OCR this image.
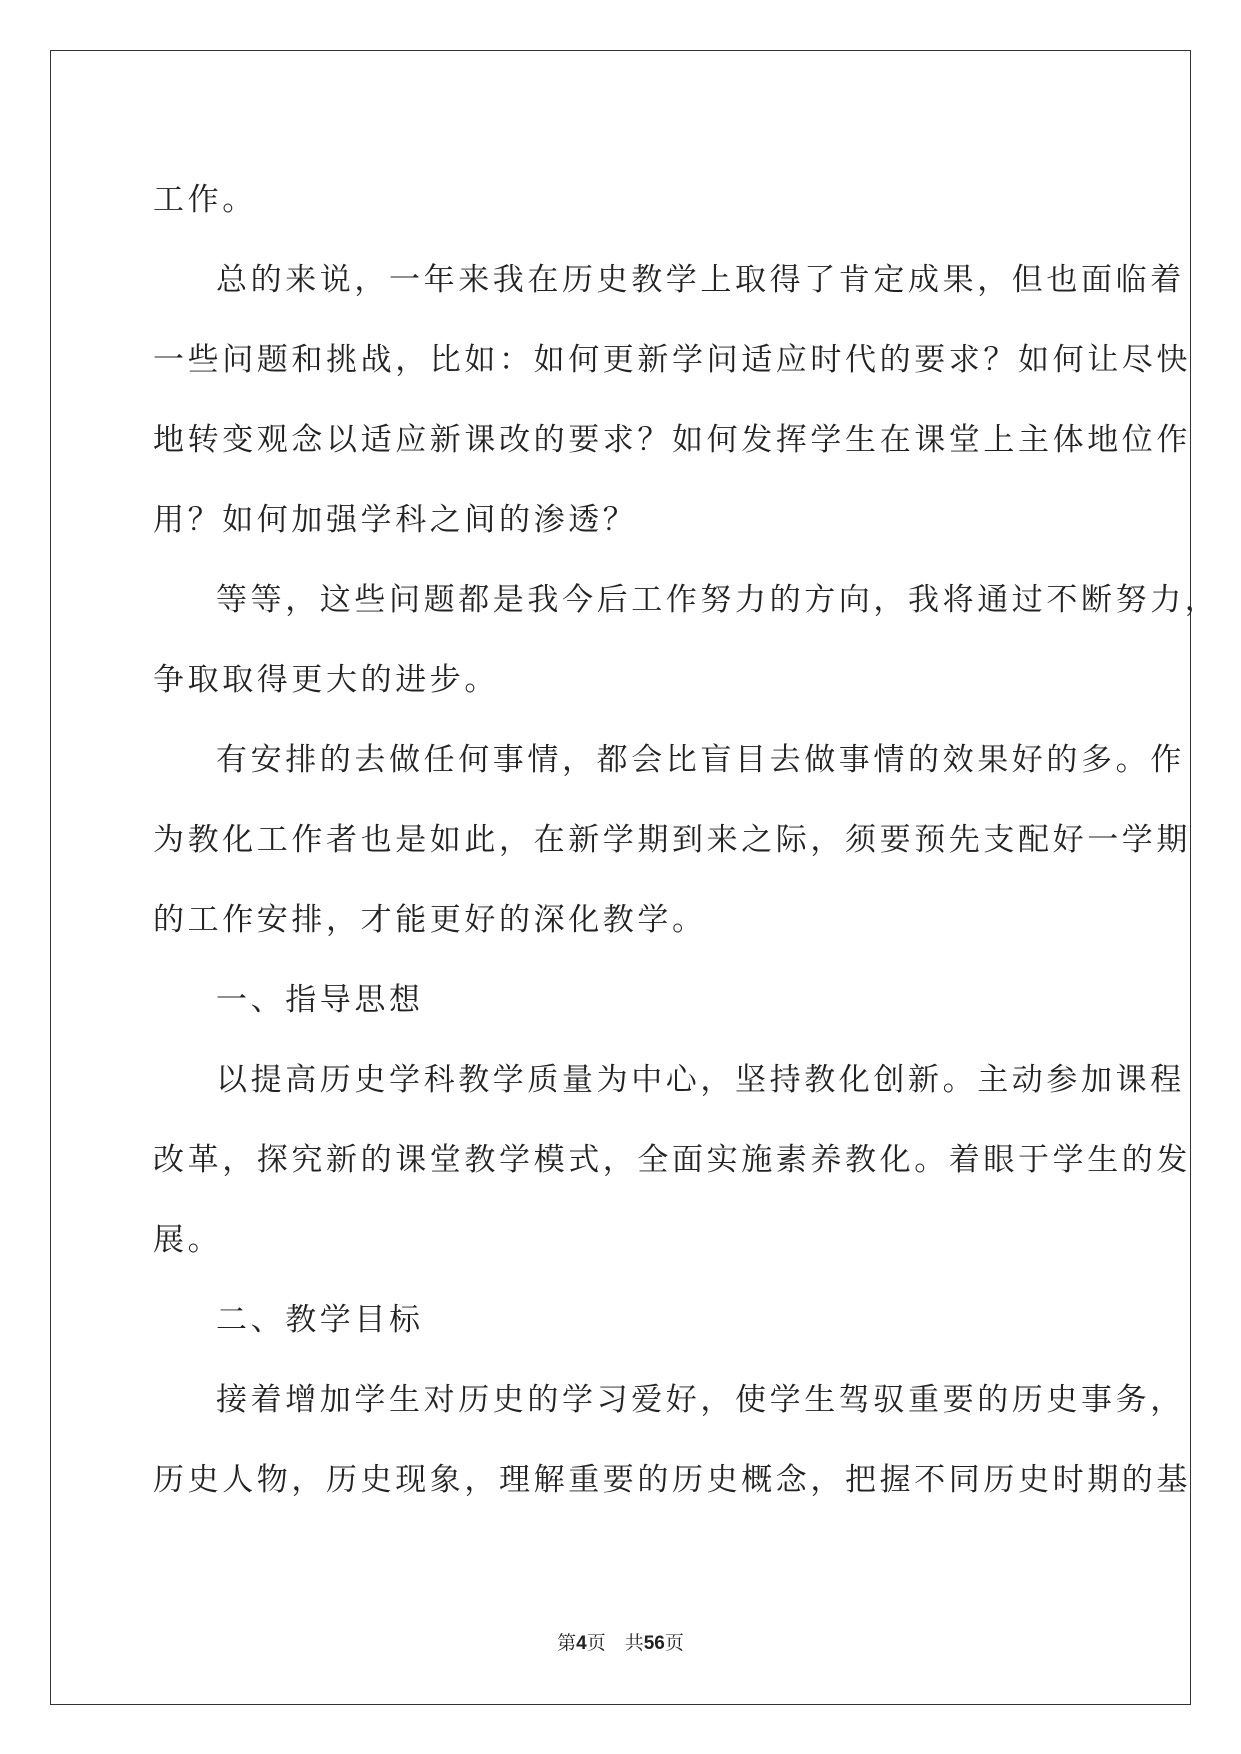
工作。

总的来说，一年来我在历史教学上取得了肯定成果，但也面临着

一些问题和挑战，比如：如何更新学问适应时代的要求？如何让尽快

地转变观念以适应新课改的要求？如何发挥学生在课堂上主体地位作

用？如何加强学科之间的渗透？

等等，这些问题都是我今后工作努力的方向，我将通过不断努力，

争取取得更大的进步。

有安排的去做任何事情，都会比盲目去做事情的效果好的多。作

为教化工作者也是如此，在新学期到来之际，须要预先支配好一学期

的工作安排，才能更好的深化教学。

一、指导思想

以提高历史学科教学质量为中心，坚持教化创新。主动参加课程

改革，探究新的课堂教学模式，全面实施素养教化。着眼于学生的发

展。

二、教学目标

接着增加学生对历史的学习爱好，使学生驾驭重要的历史事务，

历史人物，历史现象，理解重要的历史概念，把握不同历史时期的基

第4页　共56页
